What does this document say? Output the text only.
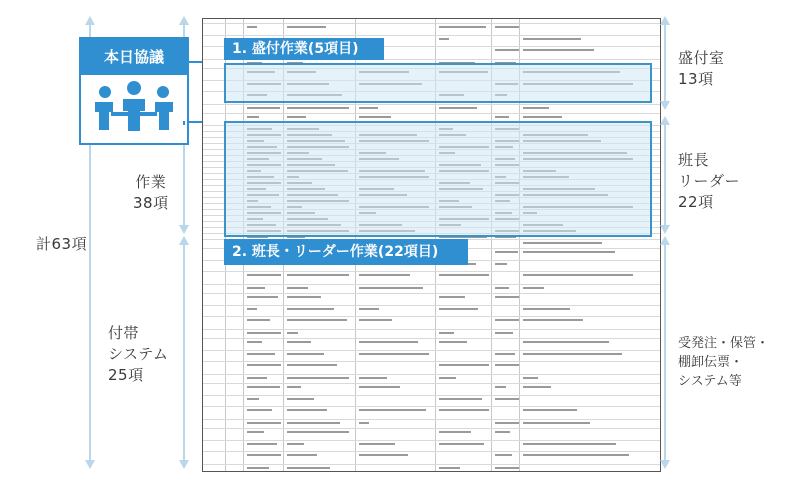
計63項
作業
38項
付帯
システム
25項
本日協議	1. 盛付作業(5項目)
2. 班長・リーダー作業(22項目)
盛付室
13項
班長
リーダー
22項
受発注・保管・
棚卸伝票・
システム等
